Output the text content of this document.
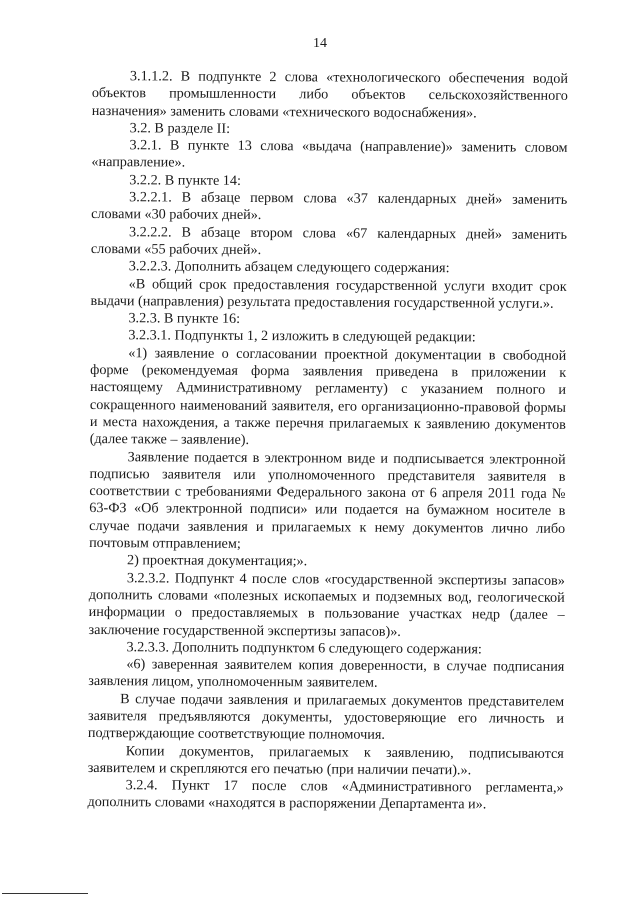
14

3.1.1.2. В подпункте 2 слова «технологического обеспечения водой объектов промышленности либо объектов сельскохозяйственного назначения» заменить словами «технического водоснабжения».

3.2. В разделе II:

3.2.1. В пункте 13 слова «выдача (направление)» заменить словом «направление».

3.2.2. В пункте 14:

3.2.2.1. В абзаце первом слова «37 календарных дней» заменить словами «30 рабочих дней».

3.2.2.2. В абзаце втором слова «67 календарных дней» заменить словами «55 рабочих дней».

3.2.2.3. Дополнить абзацем следующего содержания:

«В общий срок предоставления государственной услуги входит срок выдачи (направления) результата предоставления государственной услуги.».

3.2.3. В пункте 16:

3.2.3.1. Подпункты 1, 2 изложить в следующей редакции:

«1) заявление о согласовании проектной документации в свободной форме (рекомендуемая форма заявления приведена в приложении к настоящему Административному регламенту) с указанием полного и сокращенного наименований заявителя, его организационно-правовой формы и места нахождения, а также перечня прилагаемых к заявлению документов (далее также – заявление).

Заявление подается в электронном виде и подписывается электронной подписью заявителя или уполномоченного представителя заявителя в соответствии с требованиями Федерального закона от 6 апреля 2011 года № 63-ФЗ «Об электронной подписи» или подается на бумажном носителе в случае подачи заявления и прилагаемых к нему документов лично либо почтовым отправлением;

2) проектная документация;».

3.2.3.2. Подпункт 4 после слов «государственной экспертизы запасов» дополнить словами «полезных ископаемых и подземных вод, геологической информации о предоставляемых в пользование участках недр (далее – заключение государственной экспертизы запасов)».

3.2.3.3. Дополнить подпунктом 6 следующего содержания:

«6) заверенная заявителем копия доверенности, в случае подписания заявления лицом, уполномоченным заявителем.

В случае подачи заявления и прилагаемых документов представителем заявителя предъявляются документы, удостоверяющие его личность и подтверждающие соответствующие полномочия.

Копии документов, прилагаемых к заявлению, подписываются заявителем и скрепляются его печатью (при наличии печати).».

3.2.4. Пункт 17 после слов «Административного регламента,» дополнить словами «находятся в распоряжении Департамента и».
